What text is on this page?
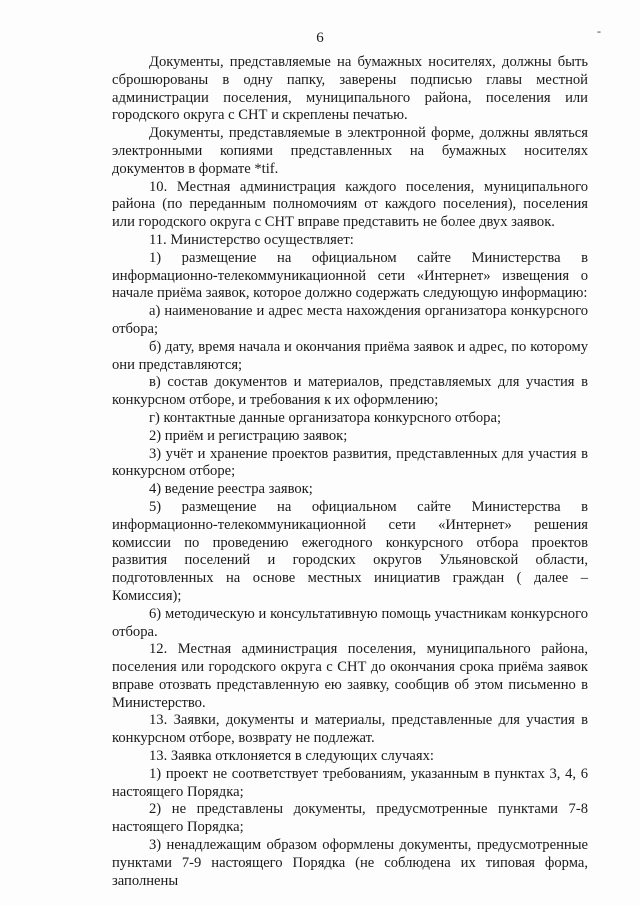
6	-

Документы, представляемые на бумажных носителях, должны быть сброшюрованы в одну папку, заверены подписью главы местной администрации поселения, муниципального района, поселения или городского округа с СНТ и скреплены печатью.

Документы, представляемые в электронной форме, должны являться электронными копиями представленных на бумажных носителях документов в формате *tif.

10. Местная администрация каждого поселения, муниципального района (по переданным полномочиям от каждого поселения), поселения или городского округа с СНТ вправе представить не более двух заявок.

11. Министерство осуществляет:

1) размещение на официальном сайте Министерства в информационно-телекоммуникационной сети «Интернет» извещения о начале приёма заявок, которое должно содержать следующую информацию:

а) наименование и адрес места нахождения организатора конкурсного отбора;

б) дату, время начала и окончания приёма заявок и адрес, по которому они представляются;

в) состав документов и материалов, представляемых для участия в конкурсном отборе, и требования к их оформлению;

г) контактные данные организатора конкурсного отбора;

2) приём и регистрацию заявок;

3) учёт и хранение проектов развития, представленных для участия в конкурсном отборе;

4) ведение реестра заявок;

5) размещение на официальном сайте Министерства в информационно-телекоммуникационной сети «Интернет» решения комиссии по проведению ежегодного конкурсного отбора проектов развития поселений и городских округов Ульяновской области, подготовленных на основе местных инициатив граждан ( далее – Комиссия);

6) методическую и консультативную помощь участникам конкурсного отбора.

12. Местная администрация поселения, муниципального района, поселения или городского округа с СНТ до окончания срока приёма заявок вправе отозвать представленную ею заявку, сообщив об этом письменно в Министерство.

13. Заявки, документы и материалы, представленные для участия в конкурсном отборе, возврату не подлежат.

13. Заявка отклоняется в следующих случаях:

1) проект не соответствует требованиям, указанным в пунктах 3, 4, 6 настоящего Порядка;

2) не представлены документы, предусмотренные пунктами 7-8 настоящего Порядка;

3) ненадлежащим образом оформлены документы, предусмотренные пунктами 7-9 настоящего Порядка (не соблюдена их типовая форма, заполнены
